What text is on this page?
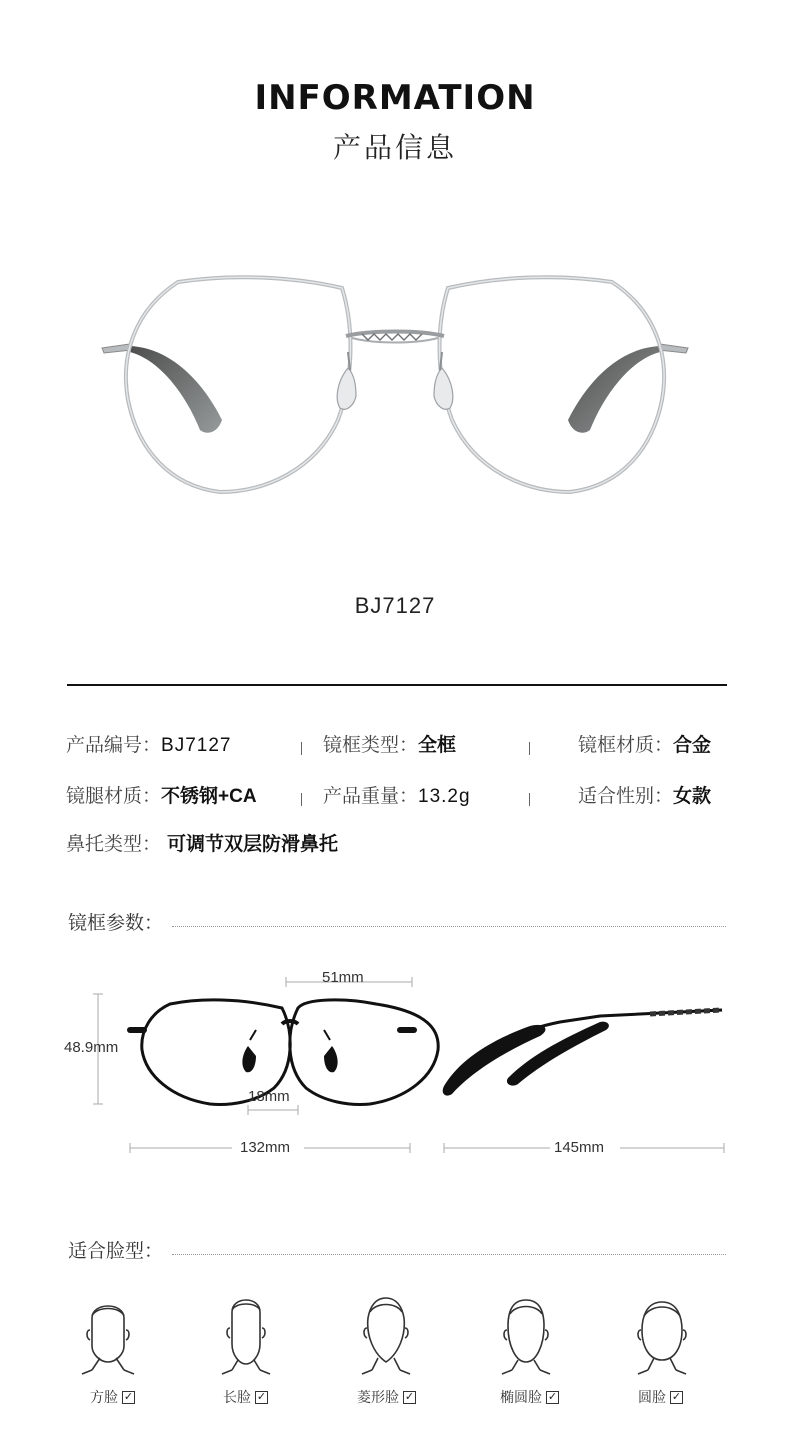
INFORMATION
产品信息
BJ7127
产品编号：BJ7127	镜框类型：全框	镜框材质：合金
镜腿材质：不锈钢+CA	产品重量：13.2g	适合性别：女款
鼻托类型： 可调节双层防滑鼻托
镜框参数：
51mm
48.9mm
18mm
132mm	145mm
适合脸型：
方脸 ✓	长脸 ✓	菱形脸 ✓	椭圆脸 ✓	圆脸 ✓
